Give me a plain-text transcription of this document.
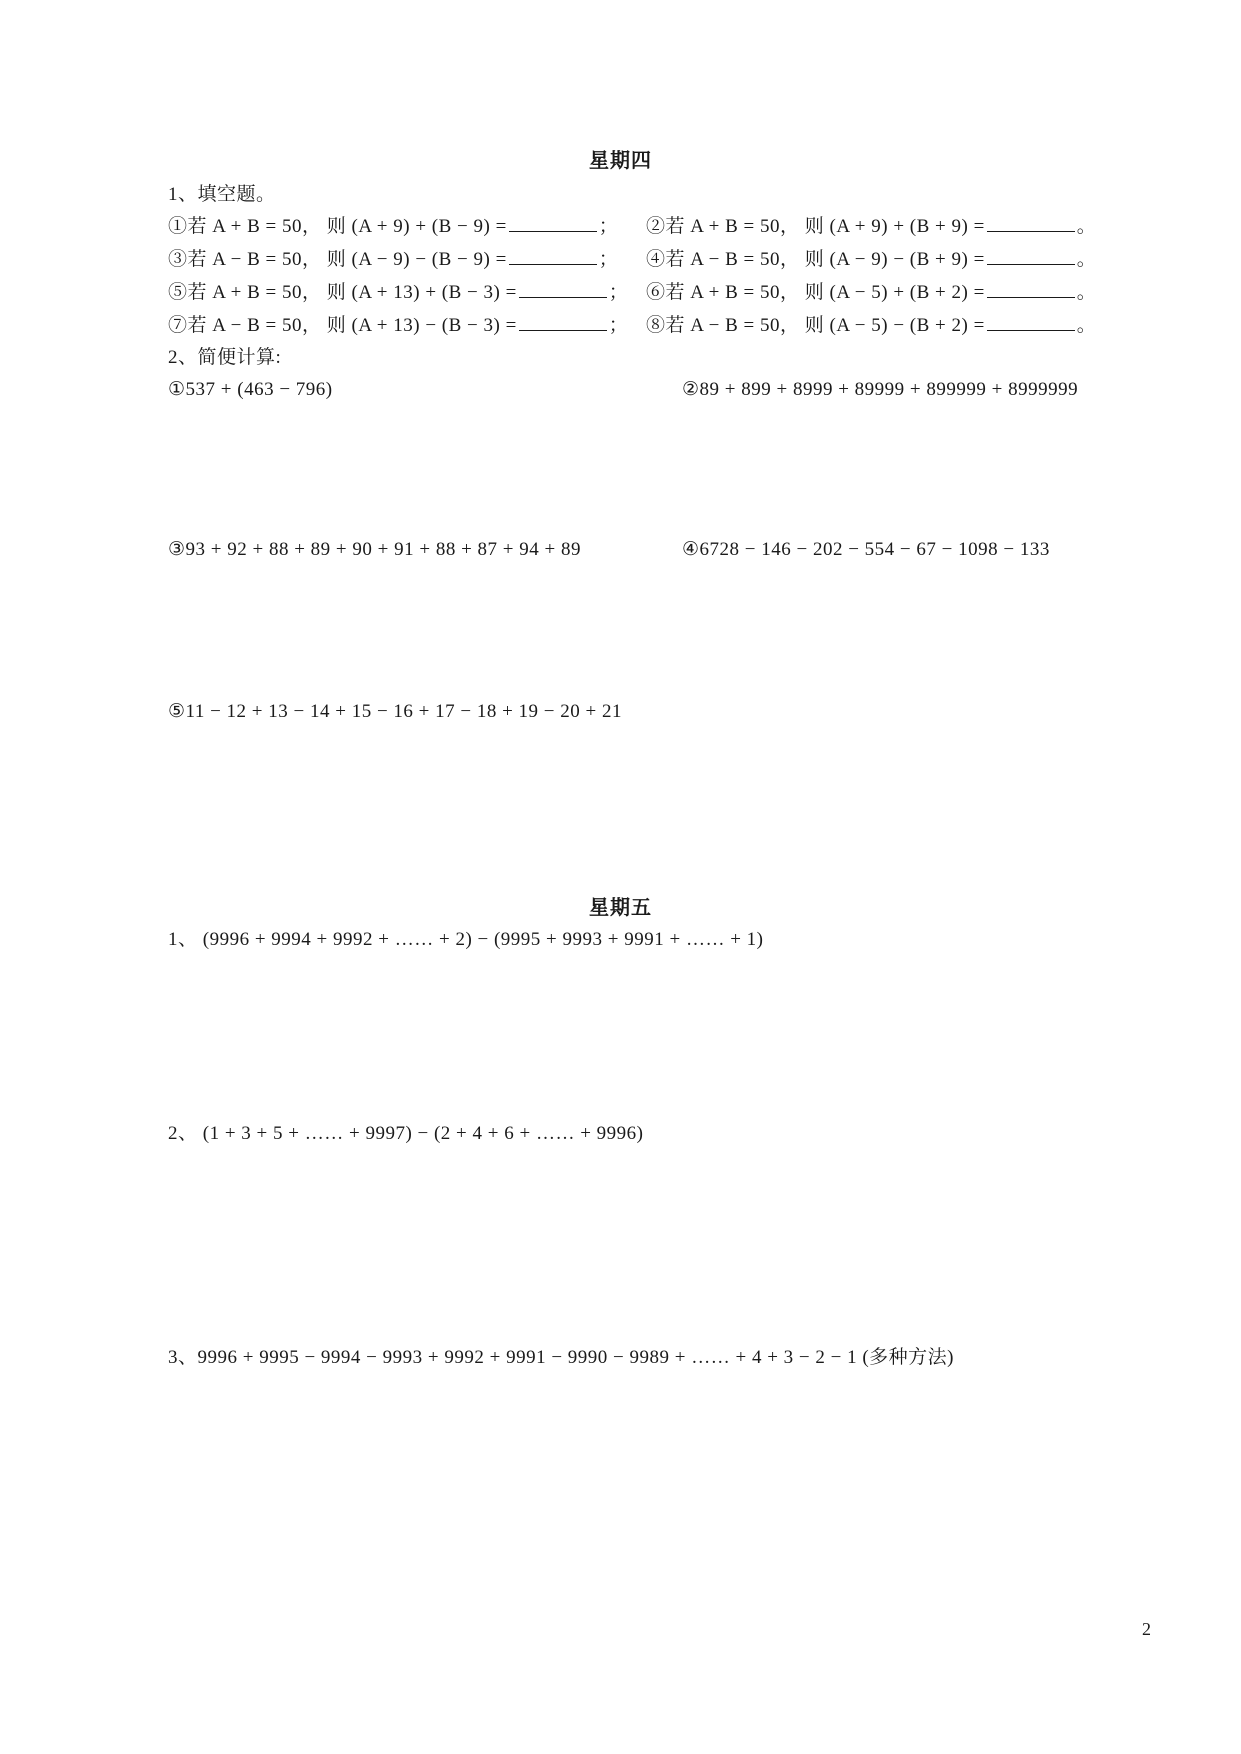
星期四
1、填空题。
①若 A + B = 50， 则 (A + 9) + (B − 9) =	； ②若 A + B = 50， 则 (A + 9) + (B + 9) =	。
③若 A − B = 50， 则 (A − 9) − (B − 9) =	； ④若 A − B = 50， 则 (A − 9) − (B + 9) =	。
⑤若 A + B = 50， 则 (A + 13) + (B − 3) =	； ⑥若 A + B = 50， 则 (A − 5) + (B + 2) =	。
⑦若 A − B = 50， 则 (A + 13) − (B − 3) =	； ⑧若 A − B = 50， 则 (A − 5) − (B + 2) =	。
2、简便计算:
①537 + (463 − 796)	②89 + 899 + 8999 + 89999 + 899999 + 8999999
③93 + 92 + 88 + 89 + 90 + 91 + 88 + 87 + 94 + 89	④6728 − 146 − 202 − 554 − 67 − 1098 − 133
⑤11 − 12 + 13 − 14 + 15 − 16 + 17 − 18 + 19 − 20 + 21
星期五
1、 (9996 + 9994 + 9992 + …… + 2) − (9995 + 9993 + 9991 + …… + 1)
2、 (1 + 3 + 5 + …… + 9997) − (2 + 4 + 6 + …… + 9996)
3、9996 + 9995 − 9994 − 9993 + 9992 + 9991 − 9990 − 9989 + …… + 4 + 3 − 2 − 1 (多种方法)
2
